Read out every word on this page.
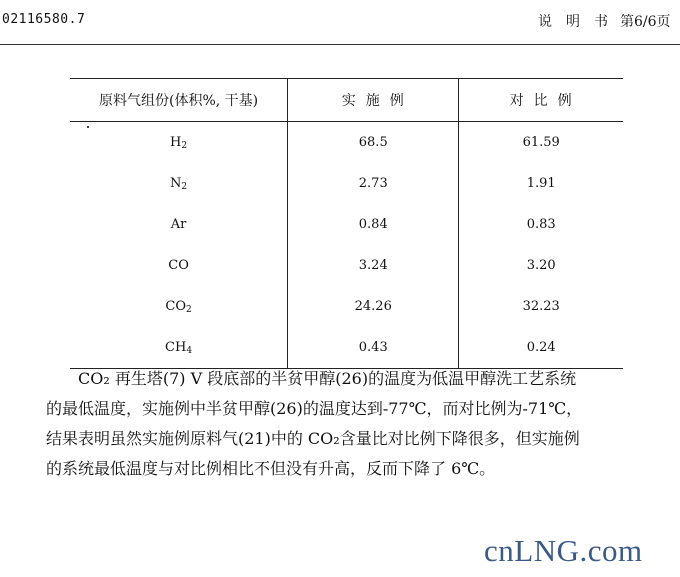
02116580.7	说明书
第6/6页
原料气组份(体积%, 干基)	实施例	对比例
$H_2$	68.5	61.59
$N_2$	2.73	1.91
Ar	0.84	0.83
CO	3.24	3.20
$CO_2$	24.26	32.23
$CH_4$	0.43	0.24

CO₂ 再生塔(7) V 段底部的半贫甲醇(26)的温度为低温甲醇洗工艺系统

的最低温度，实施例中半贫甲醇(26)的温度达到-77℃，而对比例为-71℃，

结果表明虽然实施例原料气(21)中的 CO₂含量比对比例下降很多，但实施例

的系统最低温度与对比例相比不但没有升高，反而下降了 6℃。

cnLNG.com
